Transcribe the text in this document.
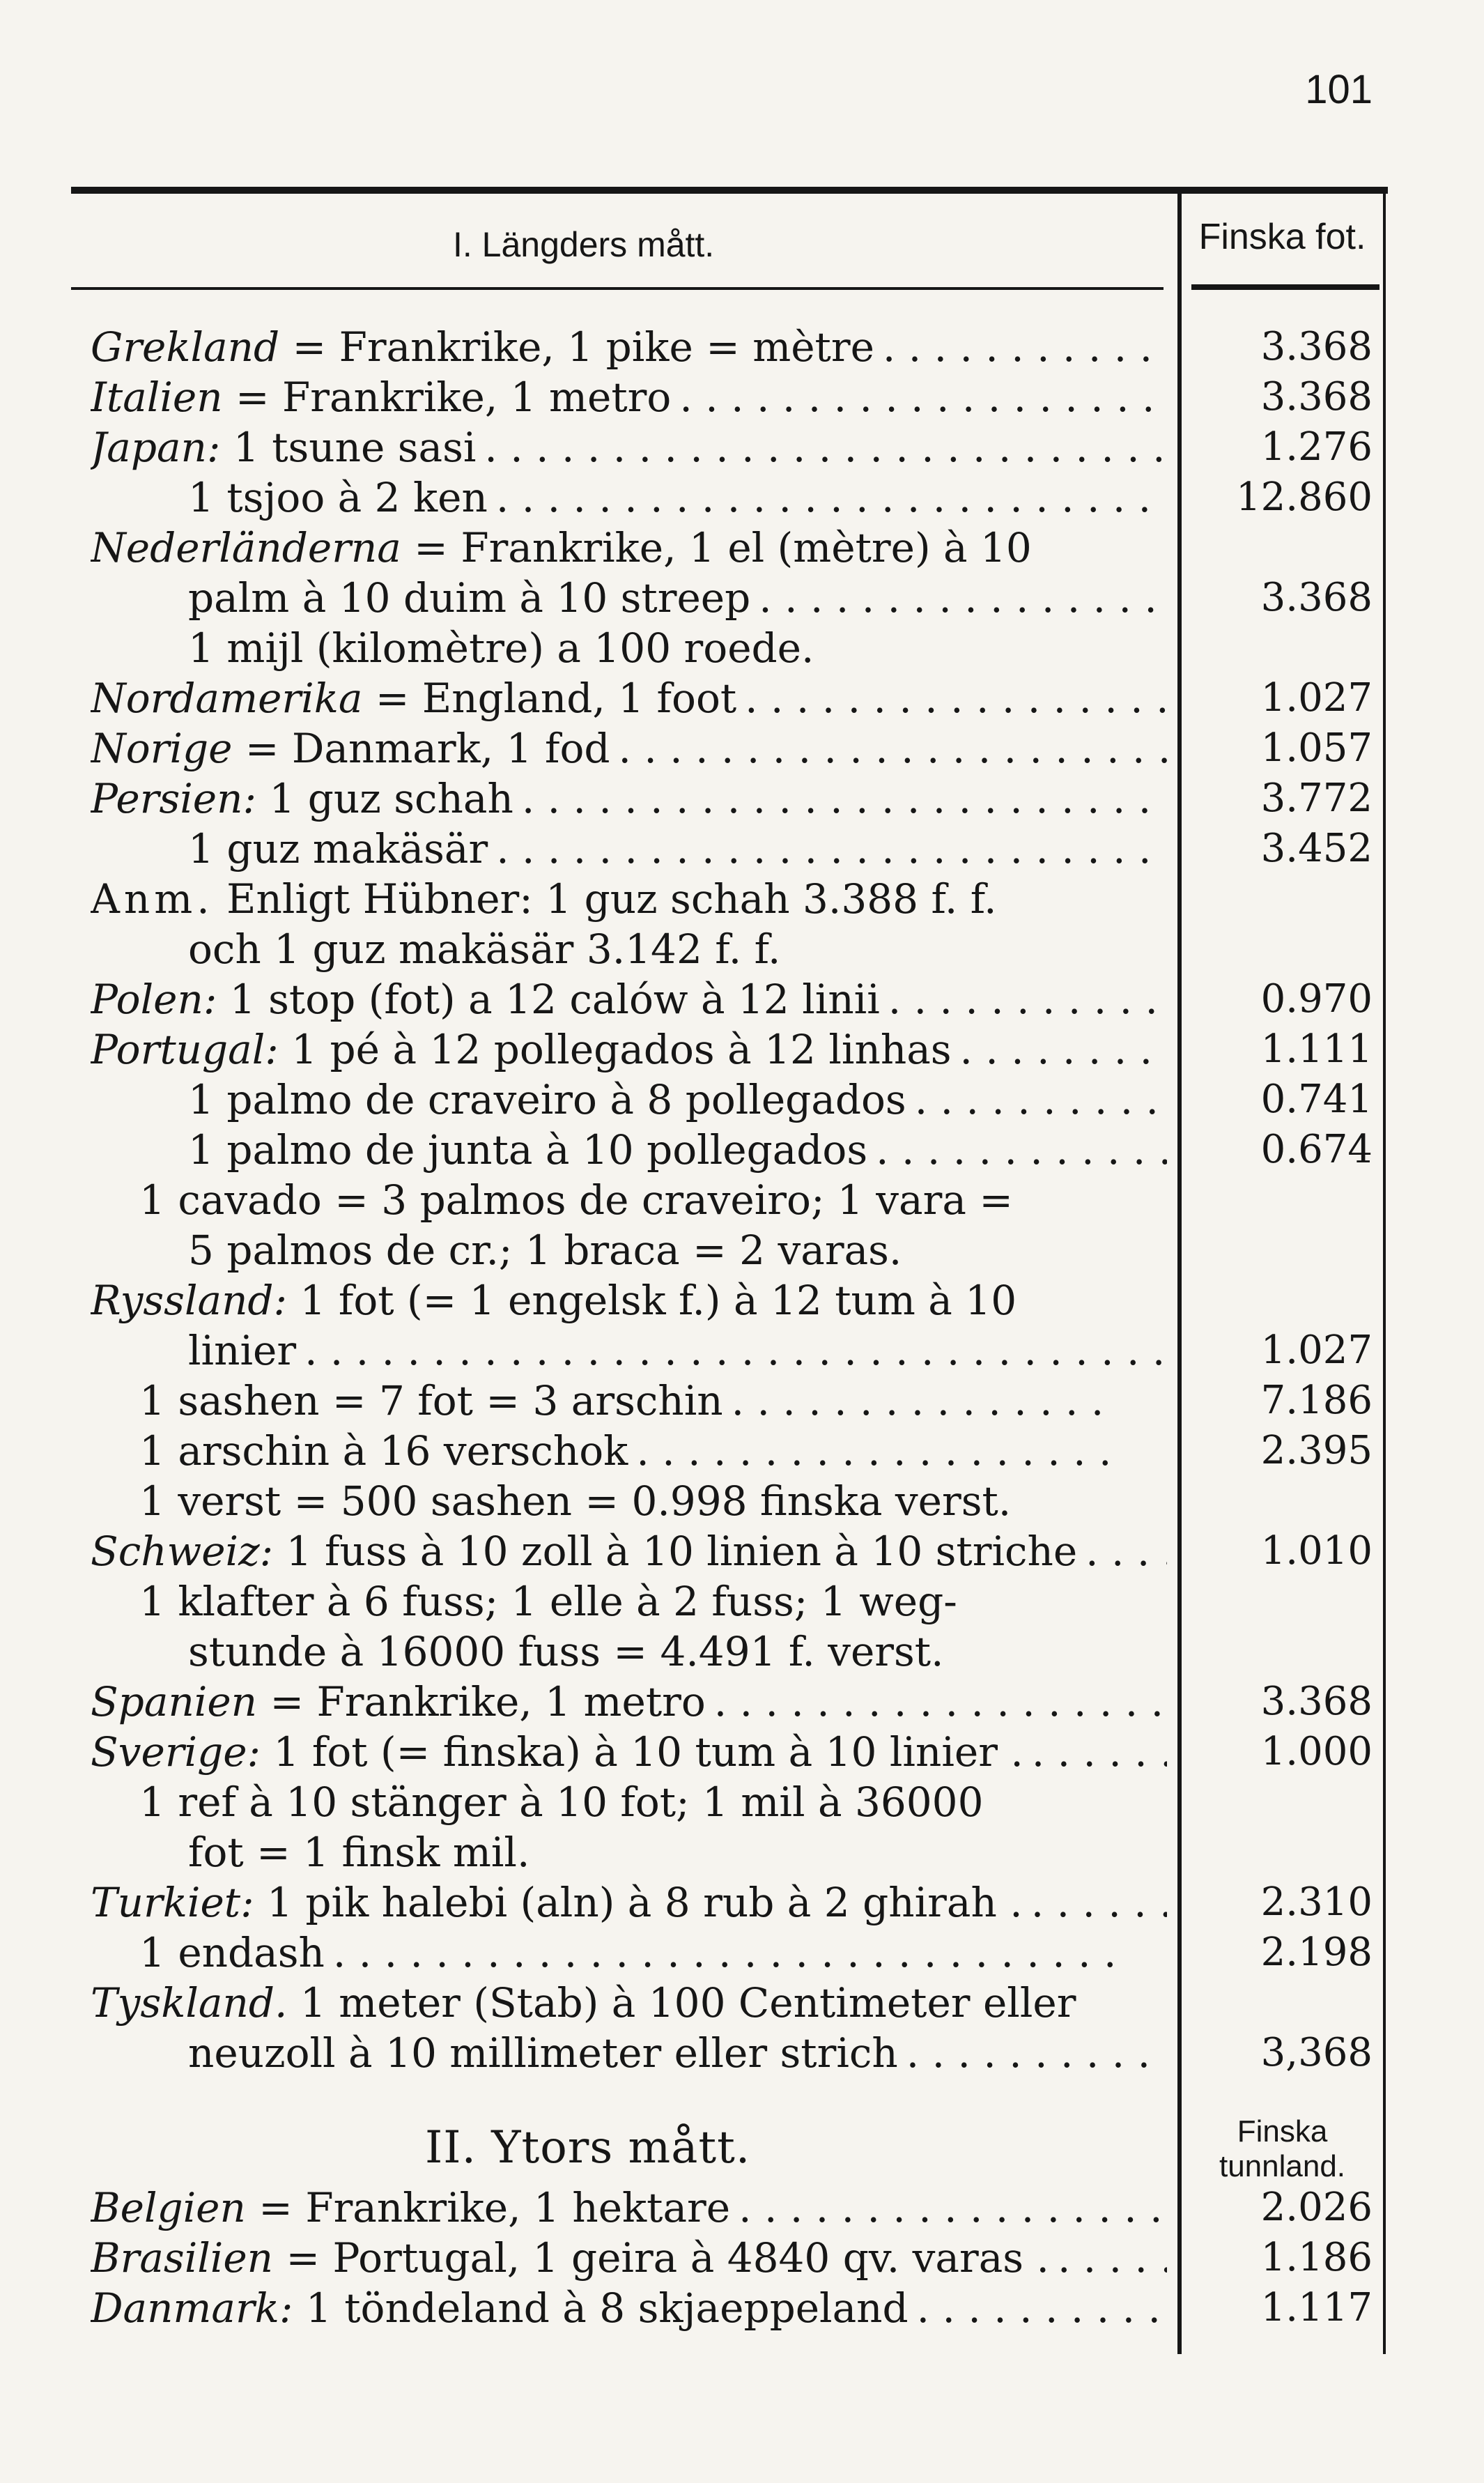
101
I. Längders mått.	Finska fot.
II. Ytors mått.	Finska
tunnland.
Grekland = Frankrike, 1 pike = mètre . . .	3.368
Italien = Frankrike, 1 metro . . .	3.368
Japan: 1 tsune sasi . . .	1.276
1 tsjoo à 2 ken . . .	12.860
Nederländerna = Frankrike, 1 el (mètre) à 10
palm à 10 duim à 10 streep . . .	3.368
1 mijl (kilomètre) a 100 roede.
Nordamerika = England, 1 foot . . .	1.027
Norige = Danmark, 1 fod . . .	1.057
Persien: 1 guz schah . . .	3.772
1 guz makäsär . . .	3.452
Anm. Enligt Hübner: 1 guz schah 3.388 f. f.
och 1 guz makäsär 3.142 f. f.
Polen: 1 stop (fot) a 12 calów à 12 linii . . .	0.970
Portugal: 1 pé à 12 pollegados à 12 linhas . . .	1.111
1 palmo de craveiro à 8 pollegados . . .	0.741
1 palmo de junta à 10 pollegados . . .	0.674
1 cavado = 3 palmos de craveiro; 1 vara =
5 palmos de cr.; 1 braca = 2 varas.
Ryssland: 1 fot (= 1 engelsk f.) à 12 tum à 10
linier . . .	1.027
1 sashen = 7 fot = 3 arschin . . .	7.186
1 arschin à 16 verschok . . .	2.395
1 verst = 500 sashen = 0.998 finska verst.
Schweiz: 1 fuss à 10 zoll à 10 linien à 10 striche . . .	1.010
1 klafter à 6 fuss; 1 elle à 2 fuss; 1 weg-
stunde à 16000 fuss = 4.491 f. verst.
Spanien = Frankrike, 1 metro . . .	3.368
Sverige: 1 fot (= finska) à 10 tum à 10 linier . . . .	1.000
1 ref à 10 stänger à 10 fot; 1 mil à 36000
fot = 1 finsk mil.
Turkiet: 1 pik halebi (aln) à 8 rub à 2 ghirah . . . .	2.310
1 endash . . .	2.198
Tyskland. 1 meter (Stab) à 100 Centimeter eller
neuzoll à 10 millimeter eller strich . . .	3,368
Belgien = Frankrike, 1 hektare . . .	2.026
Brasilien = Portugal, 1 geira à 4840 qv. varas . . . .	1.186
Danmark: 1 töndeland à 8 skjaeppeland . . .	1.117
